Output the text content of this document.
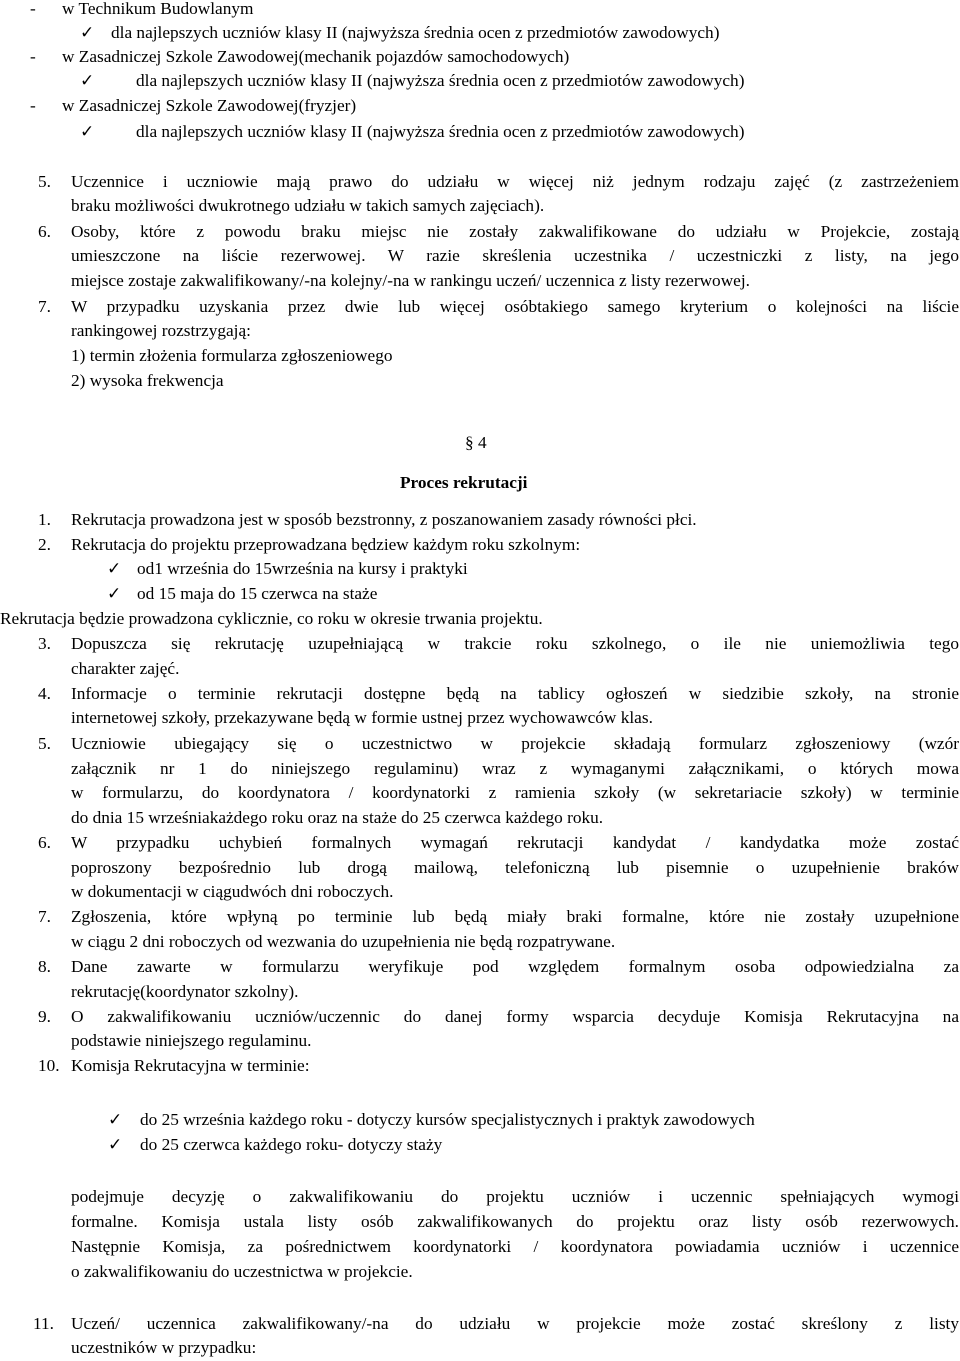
- w Technikum Budowlanym
✓ dla najlepszych uczniów klasy II (najwyższa średnia ocen z przedmiotów zawodowych)
- w Zasadniczej Szkole Zawodowej(mechanik pojazdów samochodowych)
✓ dla najlepszych uczniów klasy II (najwyższa średnia ocen z przedmiotów zawodowych)
- w Zasadniczej Szkole Zawodowej(fryzjer)
✓ dla najlepszych uczniów klasy II (najwyższa średnia ocen z przedmiotów zawodowych)
5. Uczennice i uczniowie mają prawo do udziału w więcej niż jednym rodzaju zajęć (z zastrzeżeniem
braku możliwości dwukrotnego udziału w takich samych zajęciach).
6. Osoby, które z powodu braku miejsc nie zostały zakwalifikowane do udziału w Projekcie, zostają
umieszczone na liście rezerwowej. W razie skreślenia uczestnika / uczestniczki z listy, na jego
miejsce zostaje zakwalifikowany/-na kolejny/-na w rankingu uczeń/ uczennica z listy rezerwowej.
7. W przypadku uzyskania przez dwie lub więcej osóbtakiego samego kryterium o kolejności na liście
rankingowej rozstrzygają:
1) termin złożenia formularza zgłoszeniowego
2) wysoka frekwencja
§ 4
Proces rekrutacji
1. Rekrutacja prowadzona jest w sposób bezstronny, z poszanowaniem zasady równości płci.
2. Rekrutacja do projektu przeprowadzana będziew każdym roku szkolnym:
✓ od1 września do 15września na kursy i praktyki
✓ od 15 maja do 15 czerwca na staże
Rekrutacja będzie prowadzona cyklicznie, co roku w okresie trwania projektu.
3. Dopuszcza się rekrutację uzupełniającą w trakcie roku szkolnego, o ile nie uniemożliwia tego
charakter zajęć.
4. Informacje o terminie rekrutacji dostępne będą na tablicy ogłoszeń w siedzibie szkoły, na stronie
internetowej szkoły, przekazywane będą w formie ustnej przez wychowawców klas.
5. Uczniowie ubiegający się o uczestnictwo w projekcie składają formularz zgłoszeniowy (wzór
załącznik nr 1 do niniejszego regulaminu) wraz z wymaganymi załącznikami, o których mowa
w formularzu, do koordynatora / koordynatorki z ramienia szkoły (w sekretariacie szkoły) w terminie
do dnia 15 wrześniakażdego roku oraz na staże do 25 czerwca każdego roku.
6. W przypadku uchybień formalnych wymagań rekrutacji kandydat / kandydatka może zostać
poproszony bezpośrednio lub drogą mailową, telefoniczną lub pisemnie o uzupełnienie braków
w dokumentacji w ciągudwóch dni roboczych.
7. Zgłoszenia, które wpłyną po terminie lub będą miały braki formalne, które nie zostały uzupełnione
w ciągu 2 dni roboczych od wezwania do uzupełnienia nie będą rozpatrywane.
8. Dane zawarte w formularzu weryfikuje pod względem formalnym osoba odpowiedzialna za
rekrutację(koordynator szkolny).
9. O zakwalifikowaniu uczniów/uczennic do danej formy wsparcia decyduje Komisja Rekrutacyjna na
podstawie niniejszego regulaminu.
10. Komisja Rekrutacyjna w terminie:
✓ do 25 września każdego roku - dotyczy kursów specjalistycznych i praktyk zawodowych
✓ do 25 czerwca każdego roku- dotyczy staży
podejmuje decyzję o zakwalifikowaniu do projektu uczniów i uczennic spełniających wymogi
formalne. Komisja ustala listy osób zakwalifikowanych do projektu oraz listy osób rezerwowych.
Następnie Komisja, za pośrednictwem koordynatorki / koordynatora powiadamia uczniów i uczennice
o zakwalifikowaniu do uczestnictwa w projekcie.
11. Uczeń/ uczennica zakwalifikowany/-na do udziału w projekcie może zostać skreślony z listy
uczestników w przypadku:
